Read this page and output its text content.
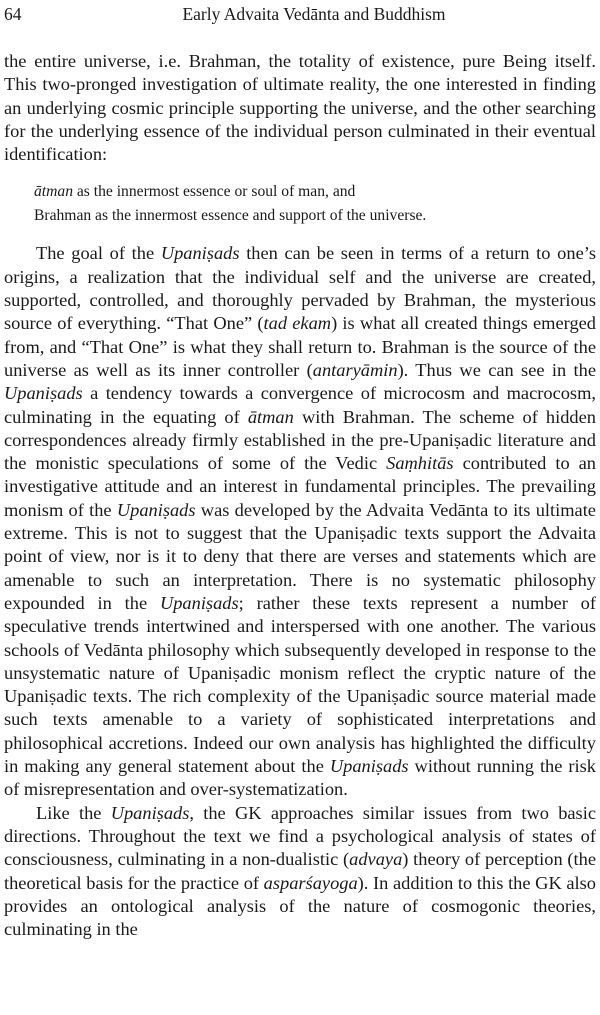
64	Early Advaita Vedānta and Buddhism

the entire universe, i.e. Brahman, the totality of existence, pure Being itself. This two-pronged investigation of ultimate reality, the one interested in finding an underlying cosmic principle supporting the universe, and the other searching for the underlying essence of the individual person culminated in their eventual identification:

ātman as the innermost essence or soul of man, and
Brahman as the innermost essence and support of the universe.

The goal of the Upaniṣads then can be seen in terms of a return to one’s origins, a realization that the individual self and the universe are created, supported, controlled, and thoroughly pervaded by Brahman, the mysterious source of everything. “That One” (tad ekam) is what all created things emerged from, and “That One” is what they shall return to. Brahman is the source of the universe as well as its inner controller (antaryāmin). Thus we can see in the Upaniṣads a tendency towards a convergence of microcosm and macrocosm, culminating in the equating of ātman with Brahman. The scheme of hidden correspondences already firmly established in the pre-Upaniṣadic literature and the monistic speculations of some of the Vedic Saṃhitās contributed to an investigative attitude and an interest in fundamental principles. The prevailing monism of the Upaniṣads was developed by the Advaita Vedānta to its ultimate extreme. This is not to suggest that the Upaniṣadic texts support the Advaita point of view, nor is it to deny that there are verses and statements which are amenable to such an interpretation. There is no systematic philosophy expounded in the Upaniṣads; rather these texts represent a number of speculative trends intertwined and interspersed with one another. The various schools of Vedānta philosophy which subsequently developed in response to the unsystematic nature of Upaniṣadic monism reflect the cryptic nature of the Upaniṣadic texts. The rich complexity of the Upaniṣadic source material made such texts amenable to a variety of sophisticated interpretations and philosophical accretions. Indeed our own analysis has highlighted the difficulty in making any general statement about the Upaniṣads without running the risk of misrepresentation and over-systematization.

Like the Upaniṣads, the GK approaches similar issues from two basic directions. Throughout the text we find a psychological analysis of states of consciousness, culminating in a non-dualistic (advaya) theory of perception (the theoretical basis for the practice of asparśayoga). In addition to this the GK also provides an ontological analysis of the nature of cosmogonic theories, culminating in the
